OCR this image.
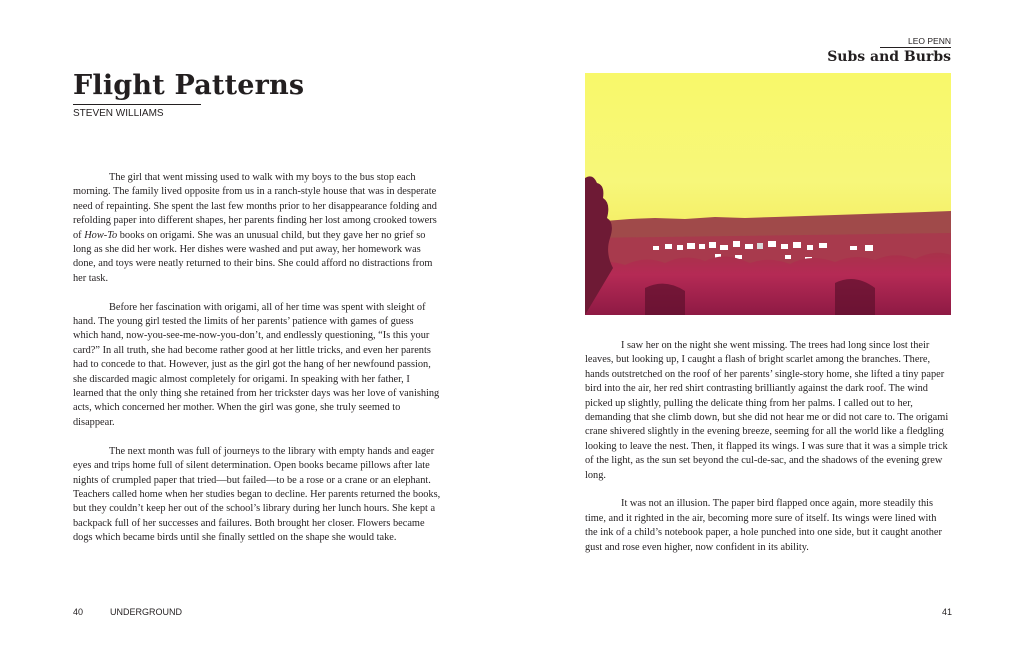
Flight Patterns
STEVEN WILLIAMS

The girl that went missing used to walk with my boys to the bus stop each morning. The family lived opposite from us in a ranch-style house that was in desperate need of repainting. She spent the last few months prior to her disappearance folding and refolding paper into different shapes, her parents finding her lost among crooked towers of How-To books on origami. She was an unusual child, but they gave her no grief so long as she did her work. Her dishes were washed and put away, her homework was done, and toys were neatly returned to their bins. She could afford no distractions from her task.

Before her fascination with origami, all of her time was spent with sleight of hand. The young girl tested the limits of her parents’ patience with games of guess which hand, now-you-see-me-now-you-don’t, and endlessly questioning, “Is this your card?” In all truth, she had become rather good at her little tricks, and even her parents had to concede to that. However, just as the girl got the hang of her newfound passion, she discarded magic almost completely for origami. In speaking with her father, I learned that the only thing she retained from her trickster days was her love of vanishing acts, which concerned her mother. When the girl was gone, she truly seemed to disappear.

The next month was full of journeys to the library with empty hands and eager eyes and trips home full of silent determination. Open books became pillows after late nights of crumpled paper that tried—but failed—to be a rose or a crane or an elephant. Teachers called home when her studies began to decline. Her parents returned the books, but they couldn’t keep her out of the school’s library during her lunch hours. She kept a backpack full of her successes and failures. Both brought her closer. Flowers became dogs which became birds until she finally settled on the shape she would take.

40	UNDERGROUND
LEO PENN
Subs and Burbs

I saw her on the night she went missing. The trees had long since lost their leaves, but looking up, I caught a flash of bright scarlet among the branches. There, hands outstretched on the roof of her parents’ single-story home, she lifted a tiny paper bird into the air, her red shirt contrasting brilliantly against the dark roof. The wind picked up slightly, pulling the delicate thing from her palms. I called out to her, demanding that she climb down, but she did not hear me or did not care to. The origami crane shivered slightly in the evening breeze, seeming for all the world like a fledgling looking to leave the nest. Then, it flapped its wings. I was sure that it was a simple trick of the light, as the sun set beyond the cul-de-sac, and the shadows of the evening grew long.

It was not an illusion. The paper bird flapped once again, more steadily this time, and it righted in the air, becoming more sure of itself. Its wings were lined with the ink of a child’s notebook paper, a hole punched into one side, but it caught another gust and rose even higher, now confident in its ability.

41
